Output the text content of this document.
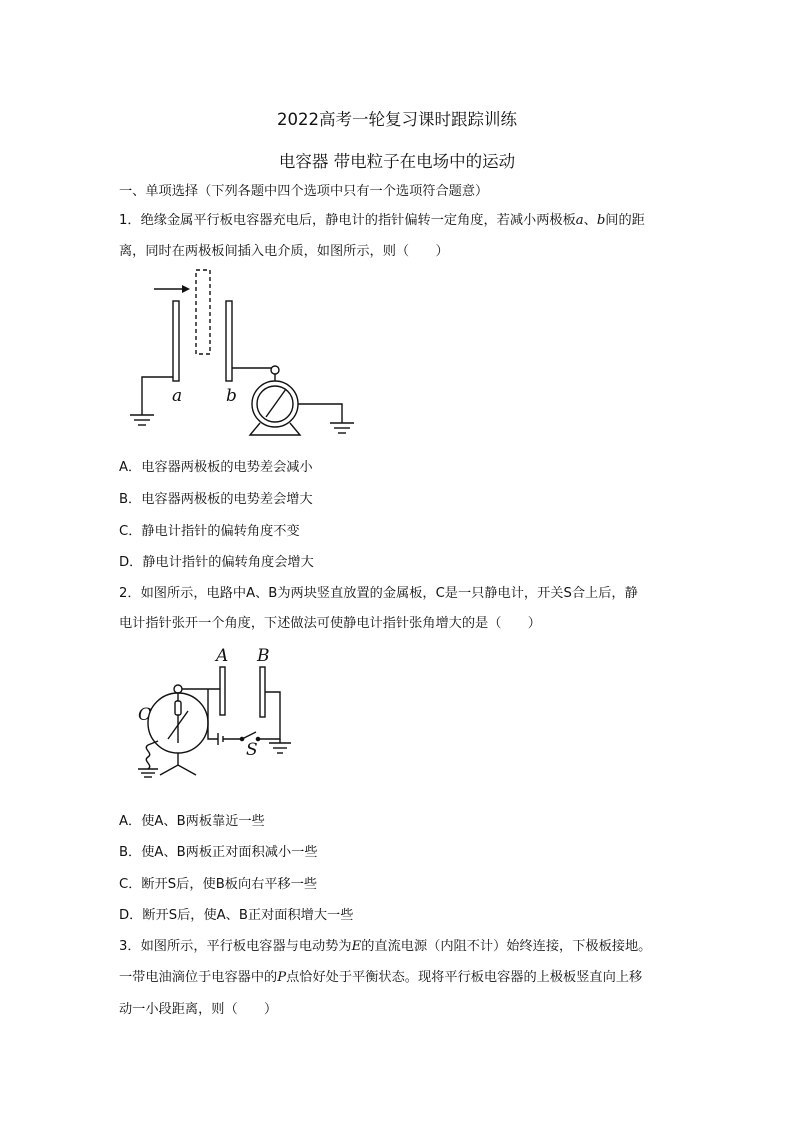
2022高考一轮复习课时跟踪训练
电容器 带电粒子在电场中的运动
一、单项选择（下列各题中四个选项中只有一个选项符合题意）
1．绝缘金属平行板电容器充电后，静电计的指针偏转一定角度，若减小两极板a、b间的距
离，同时在两极板间插入电介质，如图所示，则（　　）
a	b
A．电容器两极板的电势差会减小
B．电容器两极板的电势差会增大
C．静电计指针的偏转角度不变
D．静电计指针的偏转角度会增大
2．如图所示，电路中A、B为两块竖直放置的金属板，C是一只静电计，开关S合上后，静
电计指针张开一个角度，下述做法可使静电计指针张角增大的是（　　）
A B
C
S
A．使A、B两板靠近一些
B．使A、B两板正对面积减小一些
C．断开S后，使B板向右平移一些
D．断开S后，使A、B正对面积增大一些
3．如图所示，平行板电容器与电动势为E的直流电源（内阻不计）始终连接，下极板接地。
一带电油滴位于电容器中的P点恰好处于平衡状态。现将平行板电容器的上极板竖直向上移
动一小段距离，则（　　）
